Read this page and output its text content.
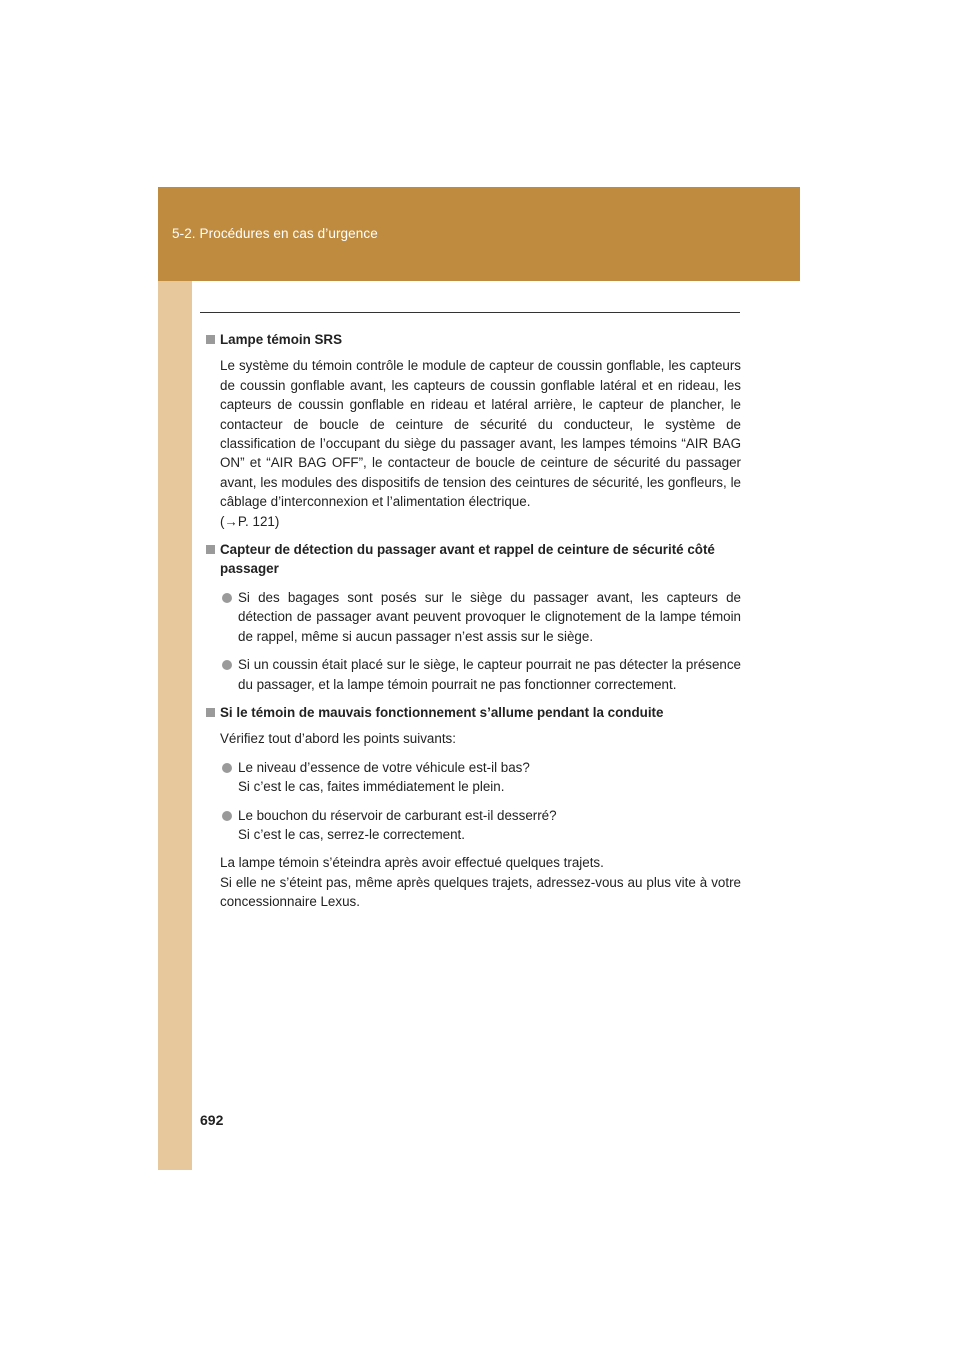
5-2. Procédures en cas d’urgence

Lampe témoin SRS

Le système du témoin contrôle le module de capteur de coussin gonflable, les capteurs de coussin gonflable avant, les capteurs de coussin gonflable latéral et en rideau, les capteurs de coussin gonflable en rideau et latéral arrière, le capteur de plancher, le contacteur de boucle de ceinture de sécurité du conducteur, le système de classification de l’occupant du siège du passager avant, les lampes témoins “AIR BAG ON” et “AIR BAG OFF”, le contacteur de boucle de ceinture de sécurité du passager avant, les modules des dispositifs de tension des ceintures de sécurité, les gonfleurs, le câblage d’interconnexion et l’alimentation électrique.

(→P. 121)

Capteur de détection du passager avant et rappel de ceinture de sécurité côté passager

Si des bagages sont posés sur le siège du passager avant, les capteurs de détection de passager avant peuvent provoquer le clignotement de la lampe témoin de rappel, même si aucun passager n’est assis sur le siège.

Si un coussin était placé sur le siège, le capteur pourrait ne pas détecter la présence du passager, et la lampe témoin pourrait ne pas fonctionner correctement.

Si le témoin de mauvais fonctionnement s’allume pendant la conduite

Vérifiez tout d’abord les points suivants:

Le niveau d’essence de votre véhicule est-il bas?
Si c’est le cas, faites immédiatement le plein.

Le bouchon du réservoir de carburant est-il desserré?
Si c’est le cas, serrez-le correctement.

La lampe témoin s’éteindra après avoir effectué quelques trajets.

Si elle ne s’éteint pas, même après quelques trajets, adressez-vous au plus vite à votre concessionnaire Lexus.

692
